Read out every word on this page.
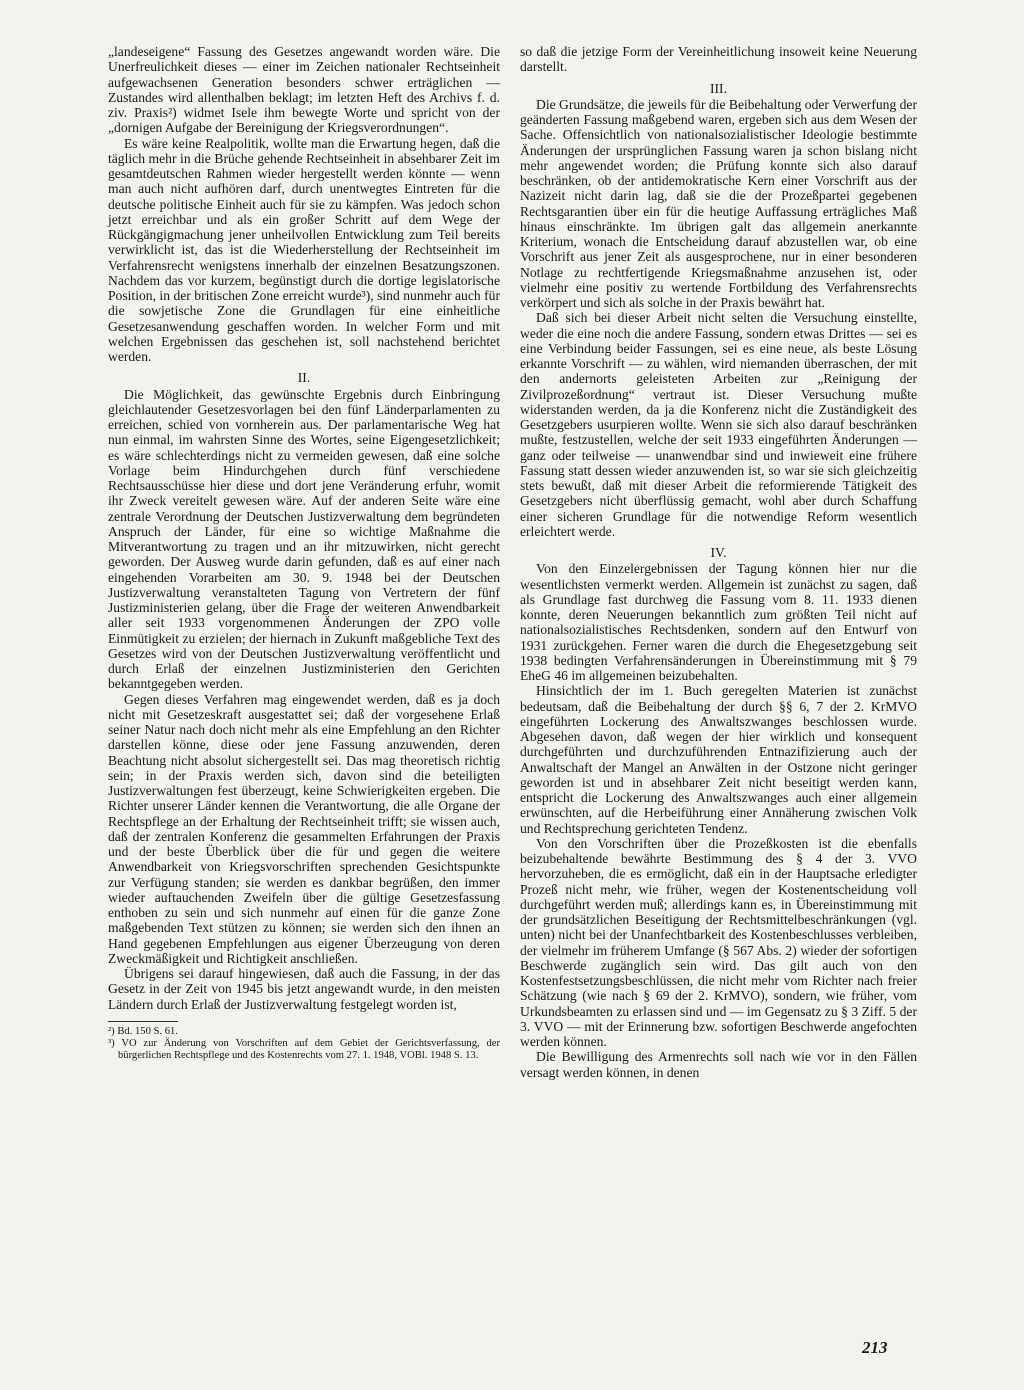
„landeseigene“ Fassung des Gesetzes angewandt worden wäre. Die Unerfreulichkeit dieses — einer im Zeichen nationaler Rechtseinheit aufgewachsenen Generation besonders schwer erträglichen — Zustandes wird allenthalben beklagt; im letzten Heft des Archivs f. d. ziv. Praxis²) widmet Isele ihm bewegte Worte und spricht von der „dornigen Aufgabe der Bereinigung der Kriegsverordnungen“.

Es wäre keine Realpolitik, wollte man die Erwartung hegen, daß die täglich mehr in die Brüche gehende Rechtseinheit in absehbarer Zeit im gesamtdeutschen Rahmen wieder hergestellt werden könnte — wenn man auch nicht aufhören darf, durch unentwegtes Eintreten für die deutsche politische Einheit auch für sie zu kämpfen. Was jedoch schon jetzt erreichbar und als ein großer Schritt auf dem Wege der Rückgängigmachung jener unheilvollen Entwicklung zum Teil bereits verwirklicht ist, das ist die Wiederherstellung der Rechtseinheit im Verfahrensrecht wenigstens innerhalb der einzelnen Besatzungszonen. Nachdem das vor kurzem, begünstigt durch die dortige legislatorische Position, in der britischen Zone erreicht wurde³), sind nunmehr auch für die sowjetische Zone die Grundlagen für eine einheitliche Gesetzesanwendung geschaffen worden. In welcher Form und mit welchen Ergebnissen das geschehen ist, soll nachstehend berichtet werden.

II.

Die Möglichkeit, das gewünschte Ergebnis durch Einbringung gleichlautender Gesetzesvorlagen bei den fünf Länderparlamenten zu erreichen, schied von vornherein aus. Der parlamentarische Weg hat nun einmal, im wahrsten Sinne des Wortes, seine Eigengesetzlichkeit; es wäre schlechterdings nicht zu vermeiden gewesen, daß eine solche Vorlage beim Hindurchgehen durch fünf verschiedene Rechtsausschüsse hier diese und dort jene Veränderung erfuhr, womit ihr Zweck vereitelt gewesen wäre. Auf der anderen Seite wäre eine zentrale Verordnung der Deutschen Justizverwaltung dem begründeten Anspruch der Länder, für eine so wichtige Maßnahme die Mitverantwortung zu tragen und an ihr mitzuwirken, nicht gerecht geworden. Der Ausweg wurde darin gefunden, daß es auf einer nach eingehenden Vorarbeiten am 30. 9. 1948 bei der Deutschen Justizverwaltung veranstalteten Tagung von Vertretern der fünf Justizministerien gelang, über die Frage der weiteren Anwendbarkeit aller seit 1933 vorgenommenen Änderungen der ZPO volle Einmütigkeit zu erzielen; der hiernach in Zukunft maßgebliche Text des Gesetzes wird von der Deutschen Justizverwaltung veröffentlicht und durch Erlaß der einzelnen Justizministerien den Gerichten bekanntgegeben werden.

Gegen dieses Verfahren mag eingewendet werden, daß es ja doch nicht mit Gesetzeskraft ausgestattet sei; daß der vorgesehene Erlaß seiner Natur nach doch nicht mehr als eine Empfehlung an den Richter darstellen könne, diese oder jene Fassung anzuwenden, deren Beachtung nicht absolut sichergestellt sei. Das mag theoretisch richtig sein; in der Praxis werden sich, davon sind die beteiligten Justizverwaltungen fest überzeugt, keine Schwierigkeiten ergeben. Die Richter unserer Länder kennen die Verantwortung, die alle Organe der Rechtspflege an der Erhaltung der Rechtseinheit trifft; sie wissen auch, daß der zentralen Konferenz die gesammelten Erfahrungen der Praxis und der beste Überblick über die für und gegen die weitere Anwendbarkeit von Kriegsvorschriften sprechenden Gesichtspunkte zur Verfügung standen; sie werden es dankbar begrüßen, den immer wieder auftauchenden Zweifeln über die gültige Gesetzesfassung enthoben zu sein und sich nunmehr auf einen für die ganze Zone maßgebenden Text stützen zu können; sie werden sich den ihnen an Hand gegebenen Empfehlungen aus eigener Überzeugung von deren Zweckmäßigkeit und Richtigkeit anschließen.

Übrigens sei darauf hingewiesen, daß auch die Fassung, in der das Gesetz in der Zeit von 1945 bis jetzt angewandt wurde, in den meisten Ländern durch Erlaß der Justizverwaltung festgelegt worden ist,

²) Bd. 150 S. 61.
³) VO zur Änderung von Vorschriften auf dem Gebiet der Gerichtsverfassung, der bürgerlichen Rechtspflege und des Kostenrechts vom 27. 1. 1948, VOBl. 1948 S. 13.

so daß die jetzige Form der Vereinheitlichung insoweit keine Neuerung darstellt.

III.

Die Grundsätze, die jeweils für die Beibehaltung oder Verwerfung der geänderten Fassung maßgebend waren, ergeben sich aus dem Wesen der Sache. Offensichtlich von nationalsozialistischer Ideologie bestimmte Änderungen der ursprünglichen Fassung waren ja schon bislang nicht mehr angewendet worden; die Prüfung konnte sich also darauf beschränken, ob der antidemokratische Kern einer Vorschrift aus der Nazizeit nicht darin lag, daß sie die der Prozeßpartei gegebenen Rechtsgarantien über ein für die heutige Auffassung erträgliches Maß hinaus einschränkte. Im übrigen galt das allgemein anerkannte Kriterium, wonach die Entscheidung darauf abzustellen war, ob eine Vorschrift aus jener Zeit als ausgesprochene, nur in einer besonderen Notlage zu rechtfertigende Kriegsmaßnahme anzusehen ist, oder vielmehr eine positiv zu wertende Fortbildung des Verfahrensrechts verkörpert und sich als solche in der Praxis bewährt hat.

Daß sich bei dieser Arbeit nicht selten die Versuchung einstellte, weder die eine noch die andere Fassung, sondern etwas Drittes — sei es eine Verbindung beider Fassungen, sei es eine neue, als beste Lösung erkannte Vorschrift — zu wählen, wird niemanden überraschen, der mit den andernorts geleisteten Arbeiten zur „Reinigung der Zivilprozeßordnung“ vertraut ist. Dieser Versuchung mußte widerstanden werden, da ja die Konferenz nicht die Zuständigkeit des Gesetzgebers usurpieren wollte. Wenn sie sich also darauf beschränken mußte, festzustellen, welche der seit 1933 eingeführten Änderungen — ganz oder teilweise — unanwendbar sind und inwieweit eine frühere Fassung statt dessen wieder anzuwenden ist, so war sie sich gleichzeitig stets bewußt, daß mit dieser Arbeit die reformierende Tätigkeit des Gesetzgebers nicht überflüssig gemacht, wohl aber durch Schaffung einer sicheren Grundlage für die notwendige Reform wesentlich erleichtert werde.

IV.

Von den Einzelergebnissen der Tagung können hier nur die wesentlichsten vermerkt werden. Allgemein ist zunächst zu sagen, daß als Grundlage fast durchweg die Fassung vom 8. 11. 1933 dienen konnte, deren Neuerungen bekanntlich zum größten Teil nicht auf nationalsozialistisches Rechtsdenken, sondern auf den Entwurf von 1931 zurückgehen. Ferner waren die durch die Ehegesetzgebung seit 1938 bedingten Verfahrensänderungen in Übereinstimmung mit § 79 EheG 46 im allgemeinen beizubehalten.

Hinsichtlich der im 1. Buch geregelten Materien ist zunächst bedeutsam, daß die Beibehaltung der durch §§ 6, 7 der 2. KrMVO eingeführten Lockerung des Anwaltszwanges beschlossen wurde. Abgesehen davon, daß wegen der hier wirklich und konsequent durchgeführten und durchzuführenden Entnazifizierung auch der Anwaltschaft der Mangel an Anwälten in der Ostzone nicht geringer geworden ist und in absehbarer Zeit nicht beseitigt werden kann, entspricht die Lockerung des Anwaltszwanges auch einer allgemein erwünschten, auf die Herbeiführung einer Annäherung zwischen Volk und Rechtsprechung gerichteten Tendenz.

Von den Vorschriften über die Prozeßkosten ist die ebenfalls beizubehaltende bewährte Bestimmung des § 4 der 3. VVO hervorzuheben, die es ermöglicht, daß ein in der Hauptsache erledigter Prozeß nicht mehr, wie früher, wegen der Kostenentscheidung voll durchgeführt werden muß; allerdings kann es, in Übereinstimmung mit der grundsätzlichen Beseitigung der Rechtsmittelbeschränkungen (vgl. unten) nicht bei der Unanfechtbarkeit des Kostenbeschlusses verbleiben, der vielmehr im früherem Umfange (§ 567 Abs. 2) wieder der sofortigen Beschwerde zugänglich sein wird. Das gilt auch von den Kostenfestsetzungsbeschlüssen, die nicht mehr vom Richter nach freier Schätzung (wie nach § 69 der 2. KrMVO), sondern, wie früher, vom Urkundsbeamten zu erlassen sind und — im Gegensatz zu § 3 Ziff. 5 der 3. VVO — mit der Erinnerung bzw. sofortigen Beschwerde angefochten werden können.

Die Bewilligung des Armenrechts soll nach wie vor in den Fällen versagt werden können, in denen

213
